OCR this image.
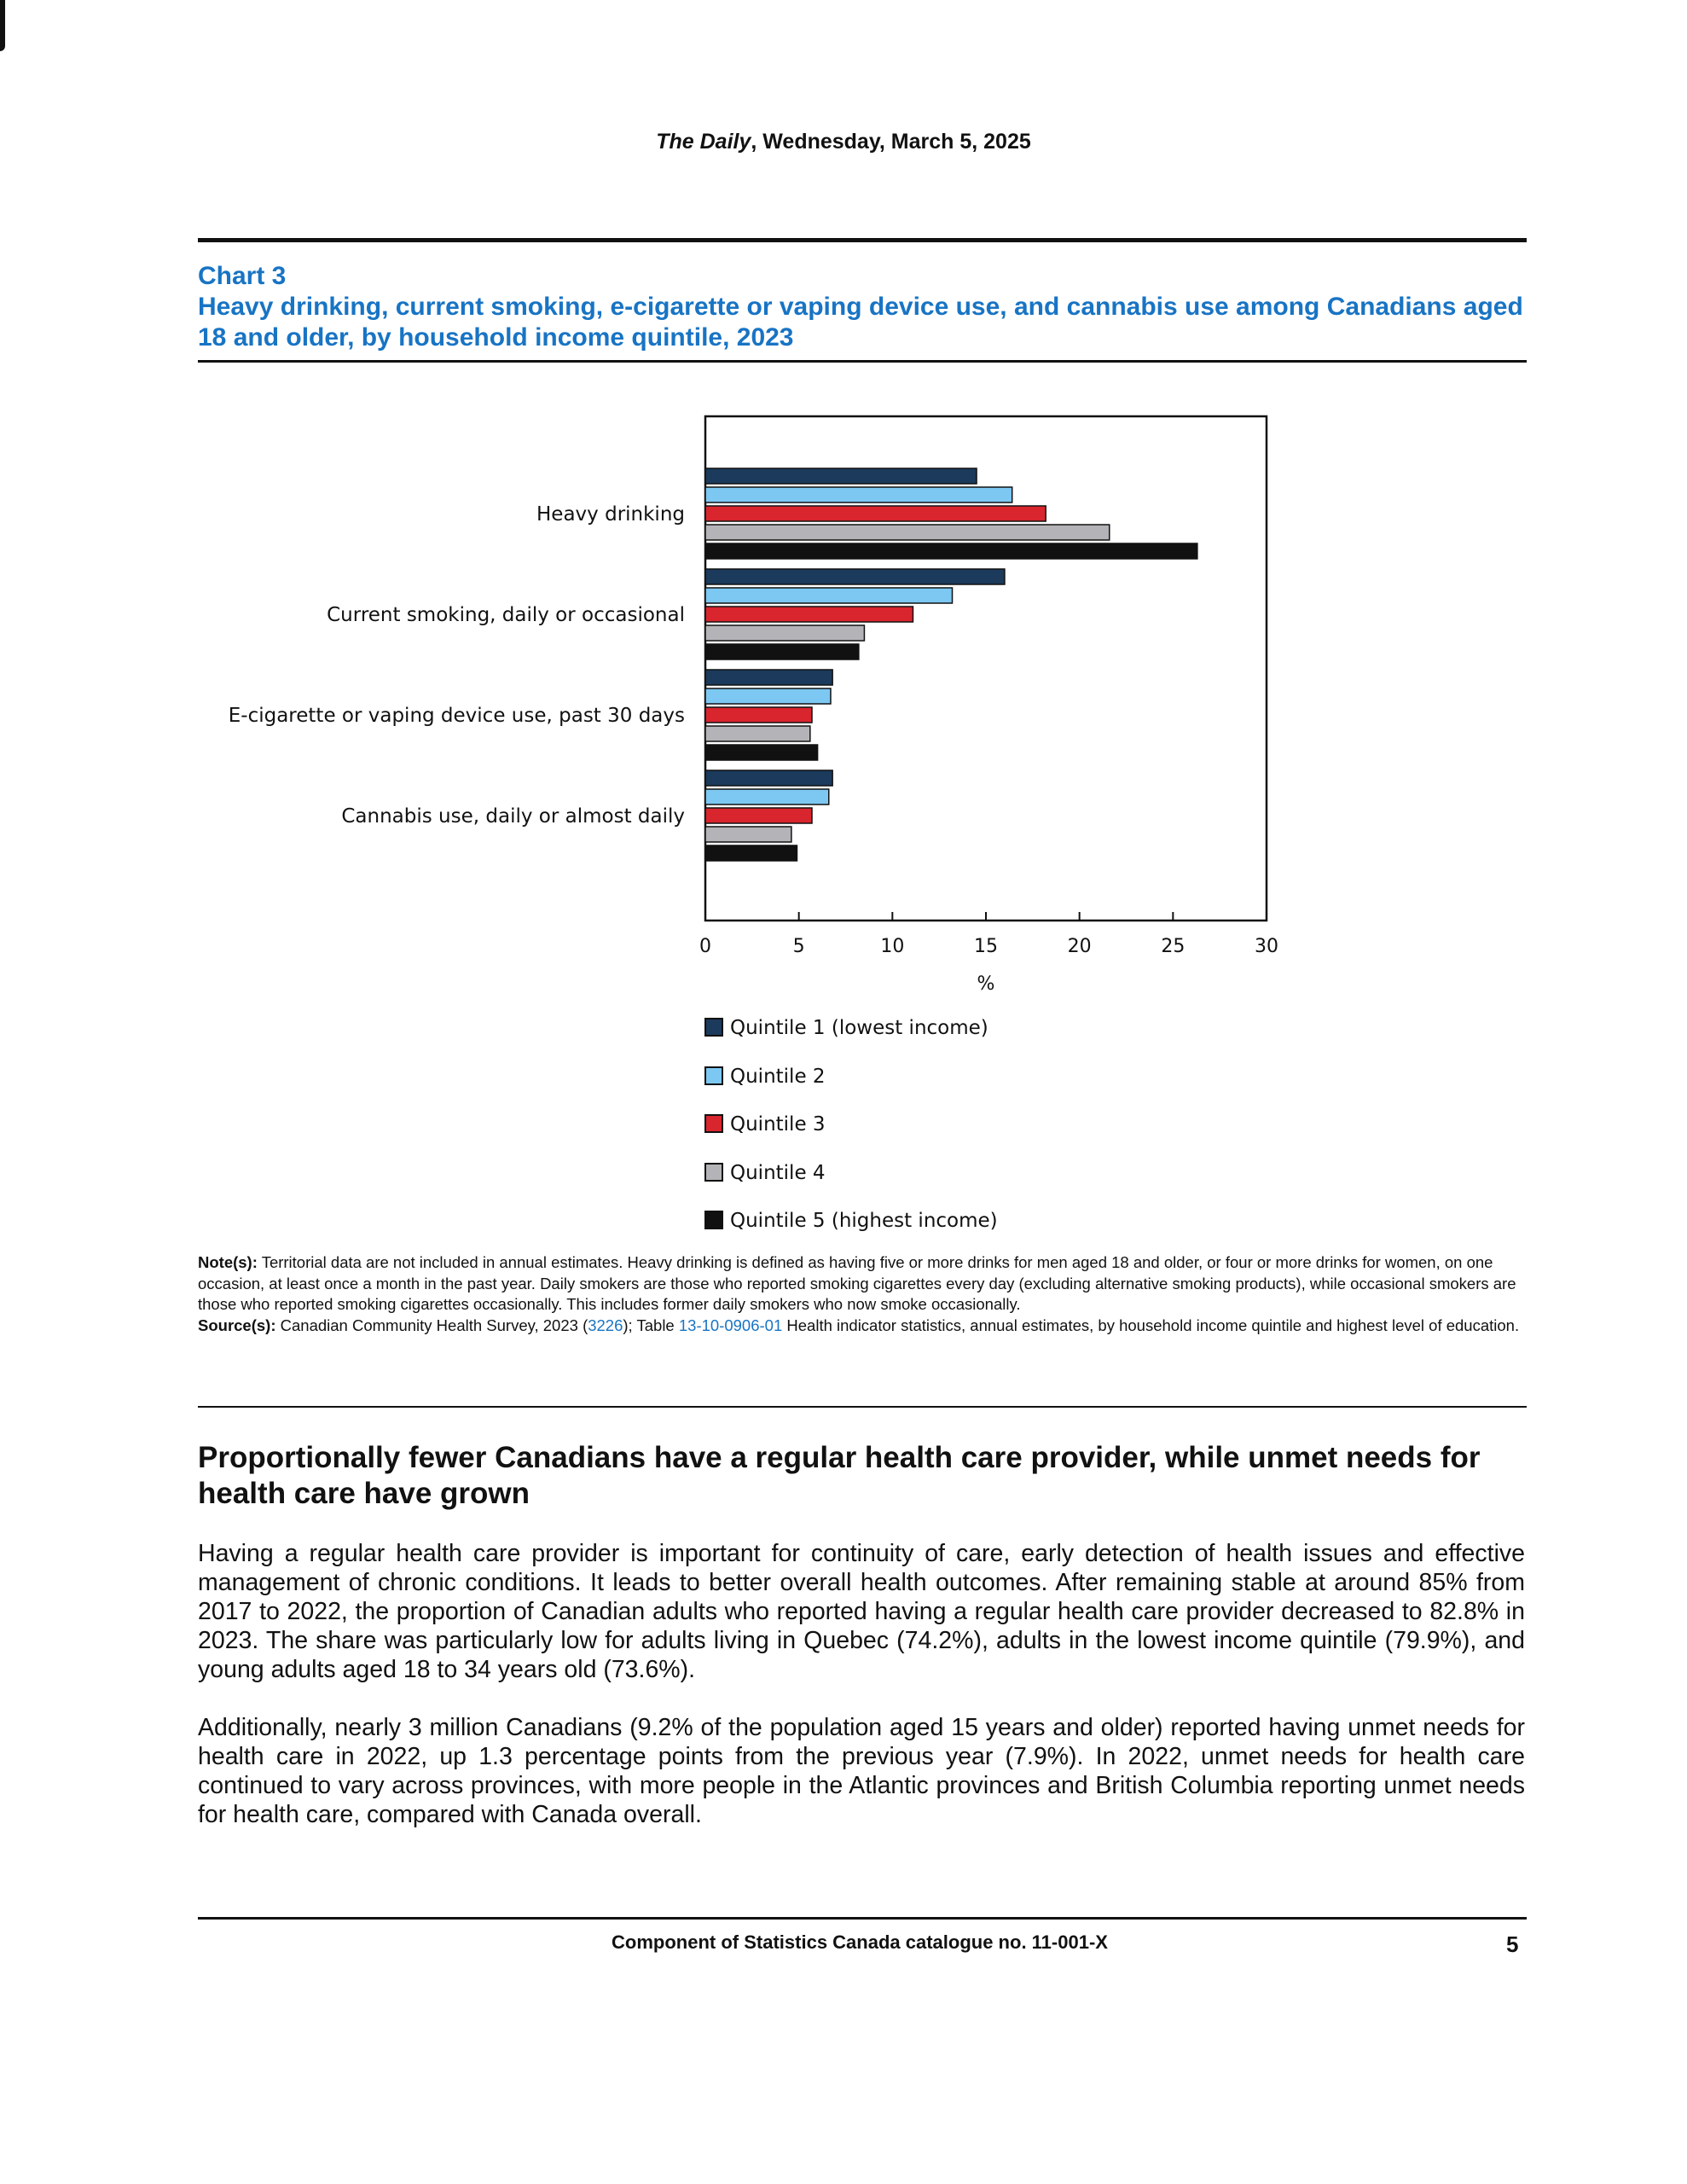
The Daily, Wednesday, March 5, 2025
Chart 3
Heavy drinking, current smoking, e-cigarette or vaping device use, and cannabis use among Canadians aged 18 and older, by household income quintile, 2023
Heavy drinking
Current smoking, daily or occasional
E-cigarette or vaping device use, past 30 days
Cannabis use, daily or almost daily
0	5	10	15	20	25	30
%
Quintile 1 (lowest income)
Quintile 2
Quintile 3
Quintile 4
Quintile 5 (highest income)
Note(s): Territorial data are not included in annual estimates. Heavy drinking is defined as having five or more drinks for men aged 18 and older, or four or more drinks for women, on one occasion, at least once a month in the past year. Daily smokers are those who reported smoking cigarettes every day (excluding alternative smoking products), while occasional smokers are those who reported smoking cigarettes occasionally. This includes former daily smokers who now smoke occasionally.
Source(s): Canadian Community Health Survey, 2023 (3226); Table 13-10-0906-01 Health indicator statistics, annual estimates, by household income quintile and highest level of education.
Proportionally fewer Canadians have a regular health care provider, while unmet needs for health care have grown
Having a regular health care provider is important for continuity of care, early detection of health issues and effective management of chronic conditions. It leads to better overall health outcomes. After remaining stable at around 85% from 2017 to 2022, the proportion of Canadian adults who reported having a regular health care provider decreased to 82.8% in 2023. The share was particularly low for adults living in Quebec (74.2%), adults in the lowest income quintile (79.9%), and young adults aged 18 to 34 years old (73.6%).
Additionally, nearly 3 million Canadians (9.2% of the population aged 15 years and older) reported having unmet needs for health care in 2022, up 1.3 percentage points from the previous year (7.9%). In 2022, unmet needs for health care continued to vary across provinces, with more people in the Atlantic provinces and British Columbia reporting unmet needs for health care, compared with Canada overall.
Component of Statistics Canada catalogue no. 11-001-X	5
